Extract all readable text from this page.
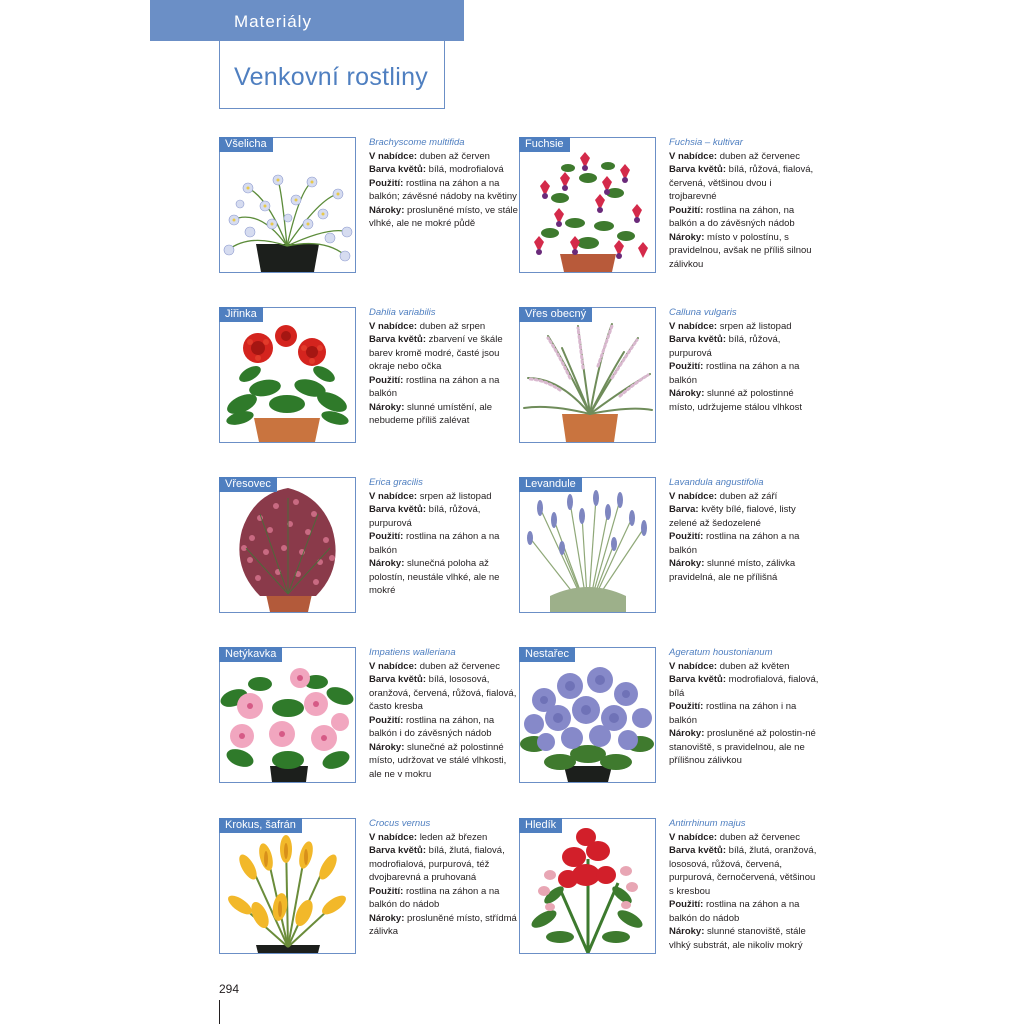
Materiály
Venkovní rostliny
Všelicha	Brachyscome multifida
V nabídce: duben až červen
Barva květů: bílá, modrofialová
Použití: rostlina na záhon a na balkón; závěsné nádoby na květiny
Nároky: prosluněné místo, ve stále vlhké, ale ne mokré půdě
Fuchsie	Fuchsia – kultivar
V nabídce: duben až červenec
Barva květů: bílá, růžová, fialová, červená, většinou dvou i trojbarevné
Použití: rostlina na záhon, na balkón a do závěsných nádob
Nároky: místo v polostínu, s pravidelnou, avšak ne příliš silnou zálivkou
Jiřinka	Dahlia variabilis
V nabídce: duben až srpen
Barva květů: zbarvení ve škále barev kromě modré, časté jsou okraje nebo očka
Použití: rostlina na záhon a na balkón
Nároky: slunné umístění, ale nebudeme příliš zalévat
Vřes obecný	Calluna vulgaris
V nabídce: srpen až listopad
Barva květů: bílá, růžová, purpurová
Použití: rostlina na záhon a na balkón
Nároky: slunné až polostinné místo, udržujeme stálou vlhkost
Vřesovec	Erica gracilis
V nabídce: srpen až listopad
Barva květů: bílá, růžová, purpurová
Použití: rostlina na záhon a na balkón
Nároky: slunečná poloha až polostín, neustále vlhké, ale ne mokré
Levandule	Lavandula angustifolia
V nabídce: duben až září
Barva: květy bílé, fialové, listy zelené až šedozelené
Použití: rostlina na záhon a na balkón
Nároky: slunné místo, zálivka pravidelná, ale ne přílišná
Netýkavka	Impatiens walleriana
V nabídce: duben až červenec
Barva květů: bílá, lososová, oranžová, červená, růžová, fialová, často kresba
Použití: rostlina na záhon, na balkón i do závěsných nádob
Nároky: slunečné až polostinné místo, udržovat ve stálé vlhkosti, ale ne v mokru
Nestařec	Ageratum houstonianum
V nabídce: duben až květen
Barva květů: modrofialová, fialová, bílá
Použití: rostlina na záhon i na balkón
Nároky: prosluněné až polostin-né stanoviště, s pravidelnou, ale ne přílišnou zálivkou
Krokus, šafrán	Crocus vernus
V nabídce: leden až březen
Barva květů: bílá, žlutá, fialová, modrofialová, purpurová, též dvojbarevná a pruhovaná
Použití: rostlina na záhon a na balkón do nádob
Nároky: prosluněné místo, střídmá zálivka
Hledík	Antirrhinum majus
V nabídce: duben až červenec
Barva květů: bílá, žlutá, oranžová, lososová, růžová, červená, purpurová, černočervená, většinou s kresbou
Použití: rostlina na záhon a na balkón do nádob
Nároky: slunné stanoviště, stále vlhký substrát, ale nikoliv mokrý
294
